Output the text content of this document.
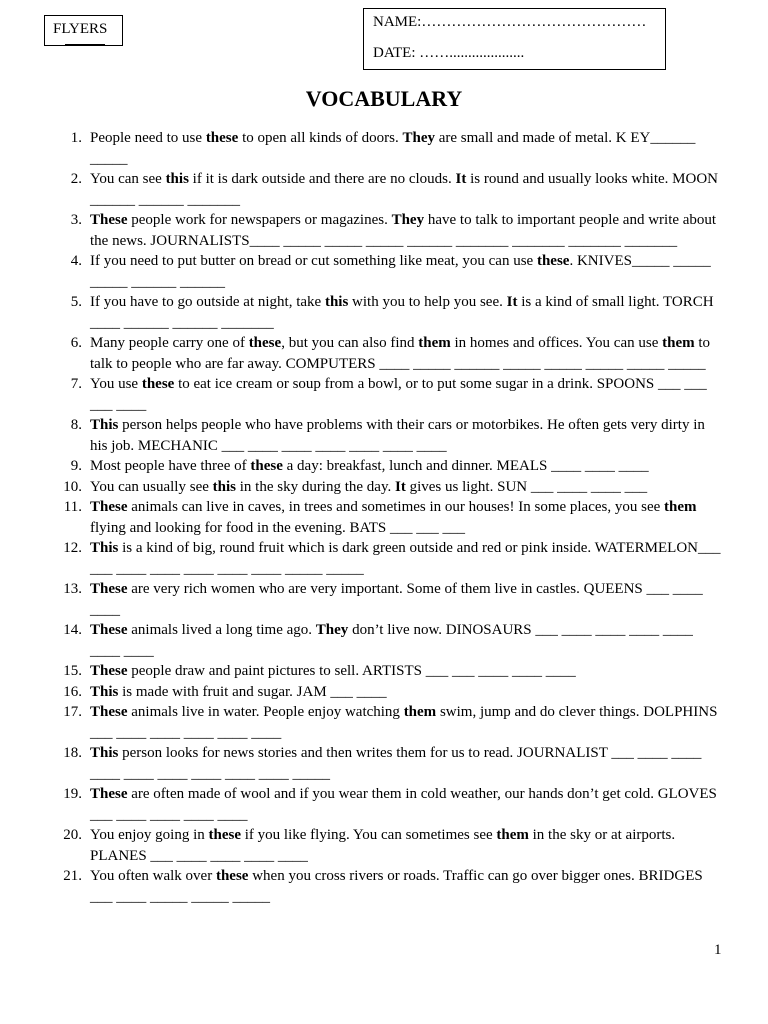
FLYERS	NAME:………………………………………
DATE: ……....................
VOCABULARY
1. People need to use these to open all kinds of doors. They are small and made of metal. K EY______ _____
2. You can see this if it is dark outside and there are no clouds. It is round and usually looks white. MOON ______ ______ _______
3. These people work for newspapers or magazines. They have to talk to important people and write about the news. JOURNALISTS____ _____ _____ _____ ______ _______ _______ _______ _______
4. If you need to put butter on bread or cut something like meat, you can use these. KNIVES_____ _____ _____ ______ ______
5. If you have to go outside at night, take this with you to help you see. It is a kind of small light. TORCH ____ ______ ______ _______
6. Many people carry one of these, but you can also find them in homes and offices. You can use them to talk to people who are far away. COMPUTERS ____ _____ ______ _____ _____ _____ _____ _____
7. You use these to eat ice cream or soup from a bowl, or to put some sugar in a drink. SPOONS ___ ___ ___ ____
8. This person helps people who have problems with their cars or motorbikes. He often gets very dirty in his job. MECHANIC ___ ____ ____ ____ ____ ____ ____
9. Most people have three of these a day: breakfast, lunch and dinner. MEALS ____ ____ ____
10. You can usually see this in the sky during the day. It gives us light. SUN ___ ____ ____ ___
11. These animals can live in caves, in trees and sometimes in our houses! In some places, you see them flying and looking for food in the evening. BATS ___ ___ ___
12. This is a kind of big, round fruit which is dark green outside and red or pink inside. WATERMELON___ ___ ____ ____ ____ ____ ____ _____ _____
13. These are very rich women who are very important. Some of them live in castles. QUEENS ___ ____ ____
14. These animals lived a long time ago. They don’t live now. DINOSAURS ___ ____ ____ ____ ____ ____ ____
15. These people draw and paint pictures to sell. ARTISTS ___ ___ ____ ____ ____
16. This is made with fruit and sugar. JAM ___ ____
17. These animals live in water. People enjoy watching them swim, jump and do clever things. DOLPHINS ___ ____ ____ ____ ____ ____
18. This person looks for news stories and then writes them for us to read. JOURNALIST ___ ____ ____ ____ ____ ____ ____ ____ ____ _____
19. These are often made of wool and if you wear them in cold weather, our hands don’t get cold. GLOVES ___ ____ ____ ____ ____
20. You enjoy going in these if you like flying. You can sometimes see them in the sky or at airports. PLANES ___ ____ ____ ____ ____
21. You often walk over these when you cross rivers or roads. Traffic can go over bigger ones. BRIDGES ___ ____ _____ _____ _____
1
